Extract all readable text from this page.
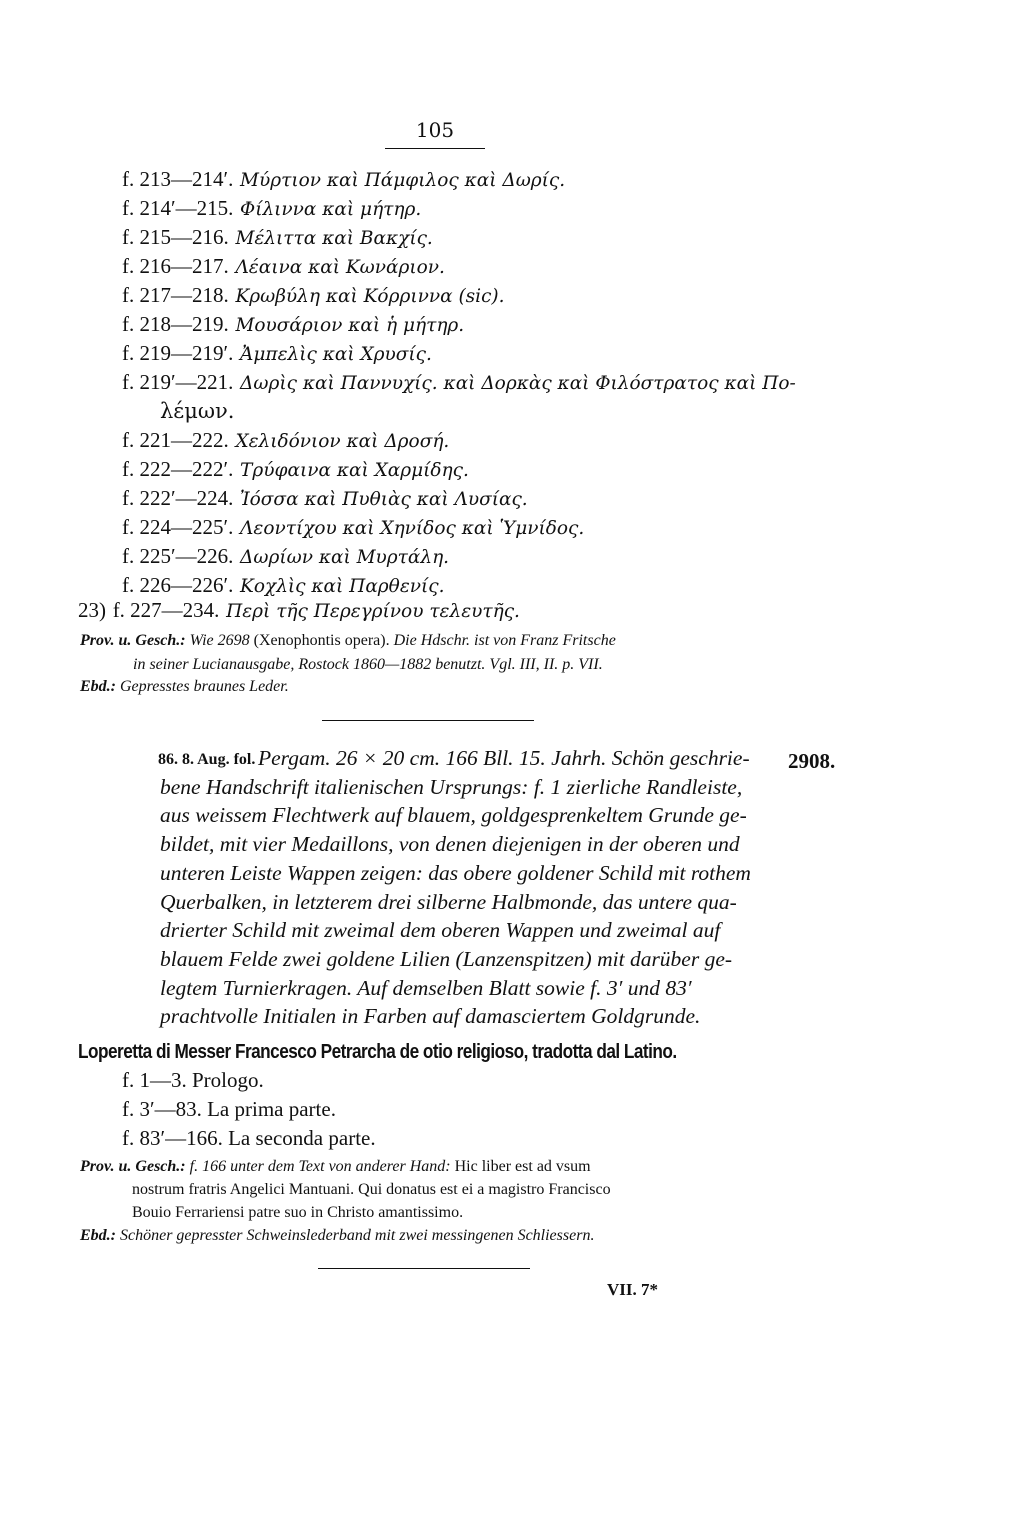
105
f. 213—214′. Μύρτιον καὶ Πάμφιλος καὶ Δωρίς.
f. 214′—215. Φίλιννα καὶ μήτηρ.
f. 215—216. Μέλιττα καὶ Βακχίς.
f. 216—217. Λέαινα καὶ Κωνάριον.
f. 217—218. Κρωβύλη καὶ Κόρριννα (sic).
f. 218—219. Μουσάριον καὶ ἡ μήτηρ.
f. 219—219′. Ἀμπελὶς καὶ Χρυσίς.
f. 219′—221. Δωρὶς καὶ Παννυχίς. καὶ Δορκὰς καὶ Φιλόστρατος καὶ Πο-
λέμων.
f. 221—222. Χελιδόνιον καὶ Δροσή.
f. 222—222′. Τρύφαινα καὶ Χαρμίδης.
f. 222′—224. Ἰόσσα καὶ Πυθιὰς καὶ Λυσίας.
f. 224—225′. Λεοντίχου καὶ Χηνίδος καὶ Ὑμνίδος.
f. 225′—226. Δωρίων καὶ Μυρτάλη.
f. 226—226′. Κοχλὶς καὶ Παρθενίς.
23) f. 227—234. Περὶ τῆς Περεγρίνου τελευτῆς.
Prov. u. Gesch.: Wie 2698 (Xenophontis opera). Die Hdschr. ist von Franz Fritsche
in seiner Lucianausgabe, Rostock 1860—1882 benutzt. Vgl. III, II. p. VII.
Ebd.: Gepresstes braunes Leder.
86. 8. Aug. fol.	2908.
Pergam. 26 × 20 cm. 166 Bll. 15. Jahrh. Schön geschrie-
bene Handschrift italienischen Ursprungs: f. 1 zierliche Randleiste,
aus weissem Flechtwerk auf blauem, goldgesprenkeltem Grunde ge-
bildet, mit vier Medaillons, von denen diejenigen in der oberen und
unteren Leiste Wappen zeigen: das obere goldener Schild mit rothem
Querbalken, in letzterem drei silberne Halbmonde, das untere qua-
drierter Schild mit zweimal dem oberen Wappen und zweimal auf
blauem Felde zwei goldene Lilien (Lanzenspitzen) mit darüber ge-
legtem Turnierkragen. Auf demselben Blatt sowie f. 3′ und 83′
prachtvolle Initialen in Farben auf damasciertem Goldgrunde.
Loperetta di Messer Francesco Petrarcha de otio religioso, tradotta dal Latino.
f. 1—3. Prologo.
f. 3′—83. La prima parte.
f. 83′—166. La seconda parte.
Prov. u. Gesch.: f. 166 unter dem Text von anderer Hand: Hic liber est ad vsum
nostrum fratris Angelici Mantuani. Qui donatus est ei a magistro Francisco
Bouio Ferrariensi patre suo in Christo amantissimo.
Ebd.: Schöner gepresster Schweinslederband mit zwei messingenen Schliessern.
VII. 7*
